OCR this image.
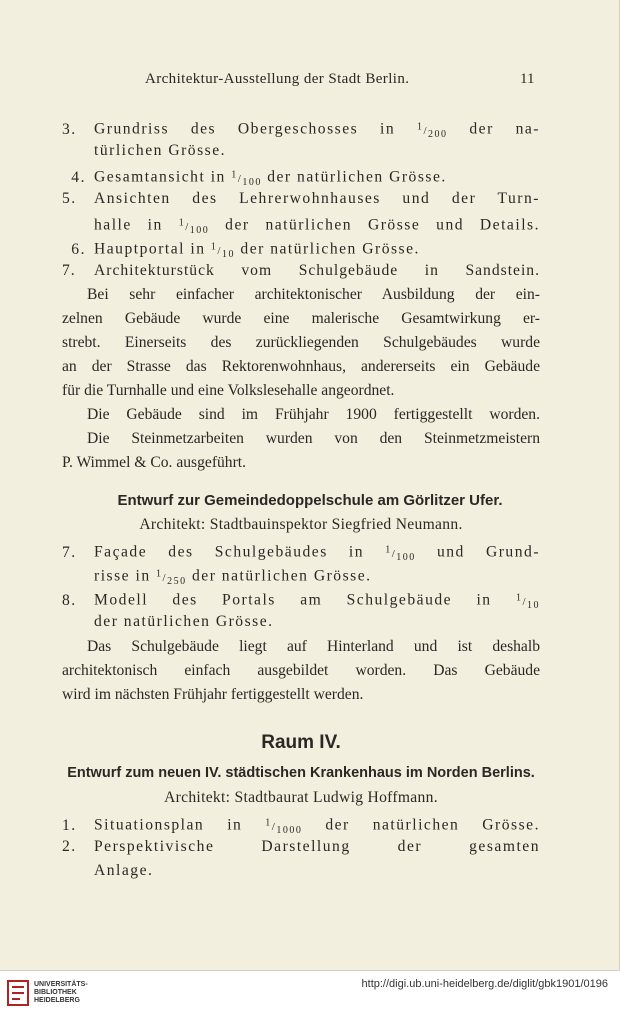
Architektur-Ausstellung der Stadt Berlin.	11
3. Grundriss des Obergeschosses in $^1/_{200}$ der na-
türlichen Grösse.
4. Gesamtansicht in $^1/_{100}$ der natürlichen Grösse.
5. Ansichten des Lehrerwohnhauses und der Turn-
halle in $^1/_{100}$ der natürlichen Grösse und Details.
6. Hauptportal in $^1/_{10}$ der natürlichen Grösse.
7. Architekturstück vom Schulgebäude in Sandstein.
Bei sehr einfacher architektonischer Ausbildung der ein-
zelnen Gebäude wurde eine malerische Gesamtwirkung er-
strebt. Einerseits des zurückliegenden Schulgebäudes wurde
an der Strasse das Rektorenwohnhaus, andererseits ein Gebäude
für die Turnhalle und eine Volkslesehalle angeordnet.
Die Gebäude sind im Frühjahr 1900 fertiggestellt worden.
Die Steinmetzarbeiten wurden von den Steinmetzmeistern
P. Wimmel & Co. ausgeführt.
Entwurf zur Gemeindedoppelschule am Görlitzer Ufer.
Architekt: Stadtbauinspektor Siegfried Neumann.
7. Façade des Schulgebäudes in $^1/_{100}$ und Grund-
risse in $^1/_{250}$ der natürlichen Grösse.
8. Modell des Portals am Schulgebäude in $^1/_{10}$
der natürlichen Grösse.
Das Schulgebäude liegt auf Hinterland und ist deshalb
architektonisch einfach ausgebildet worden. Das Gebäude
wird im nächsten Frühjahr fertiggestellt werden.
Raum IV.
Entwurf zum neuen IV. städtischen Krankenhaus im Norden Berlins.
Architekt: Stadtbaurat Ludwig Hoffmann.
1. Situationsplan in $^1/_{1000}$ der natürlichen Grösse.
2. Perspektivische Darstellung der gesamten
Anlage.
UNIVERSITÄTS-
BIBLIOTHEK
HEIDELBERG
http://digi.ub.uni-heidelberg.de/diglit/gbk1901/0196
